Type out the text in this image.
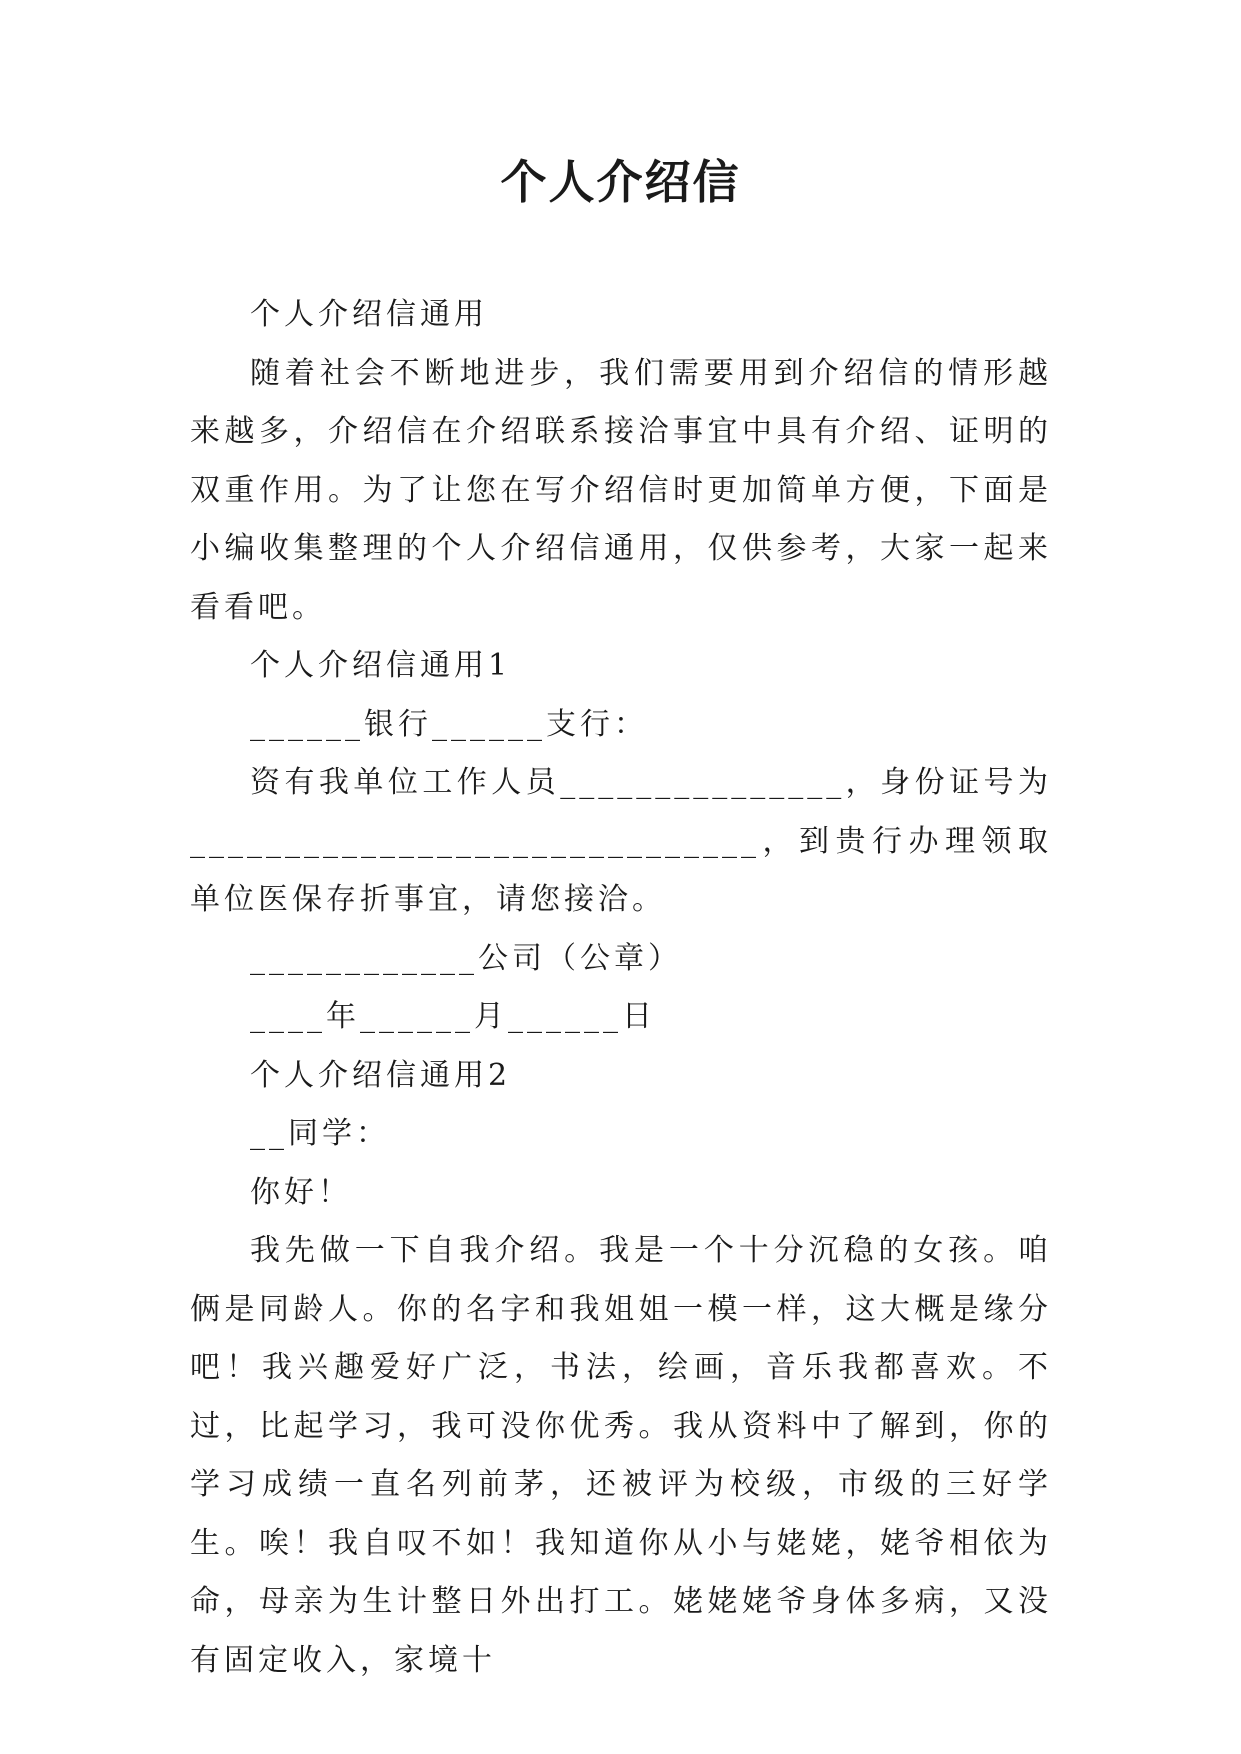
个人介绍信

个人介绍信通用

随着社会不断地进步，我们需要用到介绍信的情形越来越多，介绍信在介绍联系接洽事宜中具有介绍、证明的双重作用。为了让您在写介绍信时更加简单方便，下面是小编收集整理的个人介绍信通用，仅供参考，大家一起来看看吧。

个人介绍信通用1

______银行______支行：

资有我单位工作人员_______________，身份证号为______________________________，到贵行办理领取单位医保存折事宜，请您接洽。

____________公司（公章）

____年______月______日

个人介绍信通用2

__同学：

你好！

我先做一下自我介绍。我是一个十分沉稳的女孩。咱俩是同龄人。你的名字和我姐姐一模一样，这大概是缘分吧！我兴趣爱好广泛，书法，绘画，音乐我都喜欢。不过，比起学习，我可没你优秀。我从资料中了解到，你的学习成绩一直名列前茅，还被评为校级，市级的三好学生。唉！我自叹不如！我知道你从小与姥姥，姥爷相依为命，母亲为生计整日外出打工。姥姥姥爷身体多病，又没有固定收入，家境十
